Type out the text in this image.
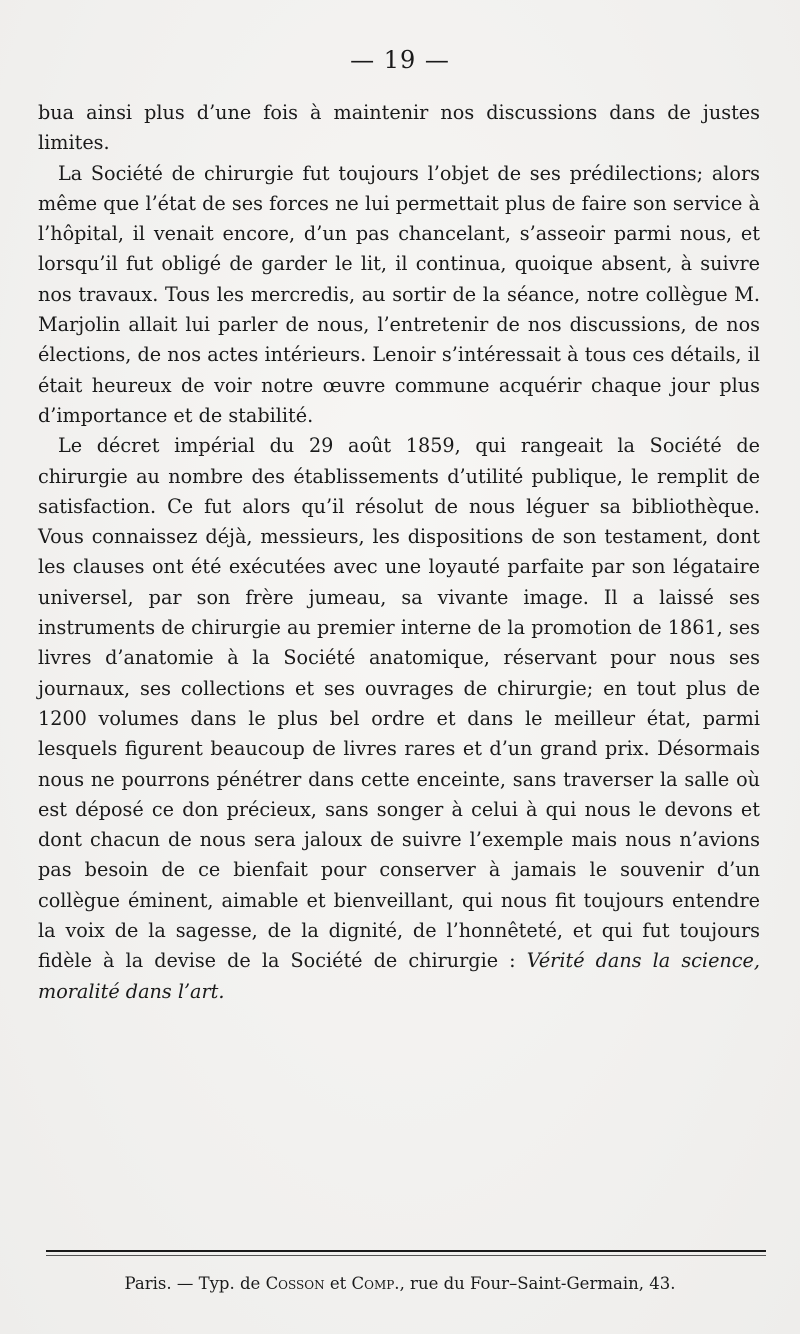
— 19 —

bua ainsi plus d’une fois à maintenir nos discussions dans de justes limites.

La Société de chirurgie fut toujours l’objet de ses prédilections; alors même que l’état de ses forces ne lui permettait plus de faire son service à l’hôpital, il venait encore, d’un pas chancelant, s’asseoir parmi nous, et lorsqu’il fut obligé de garder le lit, il continua, quoique absent, à suivre nos travaux. Tous les mercredis, au sortir de la séance, notre collègue M. Marjolin allait lui parler de nous, l’entretenir de nos discussions, de nos élections, de nos actes intérieurs. Lenoir s’intéressait à tous ces détails, il était heureux de voir notre œuvre commune acquérir chaque jour plus d’importance et de stabilité.

Le décret impérial du 29 août 1859, qui rangeait la Société de chirurgie au nombre des établissements d’utilité publique, le remplit de satisfaction. Ce fut alors qu’il résolut de nous léguer sa bibliothèque. Vous connaissez déjà, messieurs, les dispositions de son testament, dont les clauses ont été exécutées avec une loyauté parfaite par son légataire universel, par son frère jumeau, sa vivante image. Il a laissé ses instruments de chirurgie au premier interne de la promotion de 1861, ses livres d’anatomie à la Société anatomique, réservant pour nous ses journaux, ses collections et ses ouvrages de chirurgie; en tout plus de 1200 volumes dans le plus bel ordre et dans le meilleur état, parmi lesquels figurent beaucoup de livres rares et d’un grand prix. Désormais nous ne pourrons pénétrer dans cette enceinte, sans traverser la salle où est déposé ce don précieux, sans songer à celui à qui nous le devons et dont chacun de nous sera jaloux de suivre l’exemple mais nous n’avions pas besoin de ce bienfait pour conserver à jamais le souvenir d’un collègue éminent, aimable et bienveillant, qui nous fit toujours entendre la voix de la sagesse, de la dignité, de l’honnêteté, et qui fut toujours fidèle à la devise de la Société de chirurgie : Vérité dans la science, moralité dans l’art.

Paris. — Typ. de Cosson et Comp., rue du Four–Saint-Germain, 43.
